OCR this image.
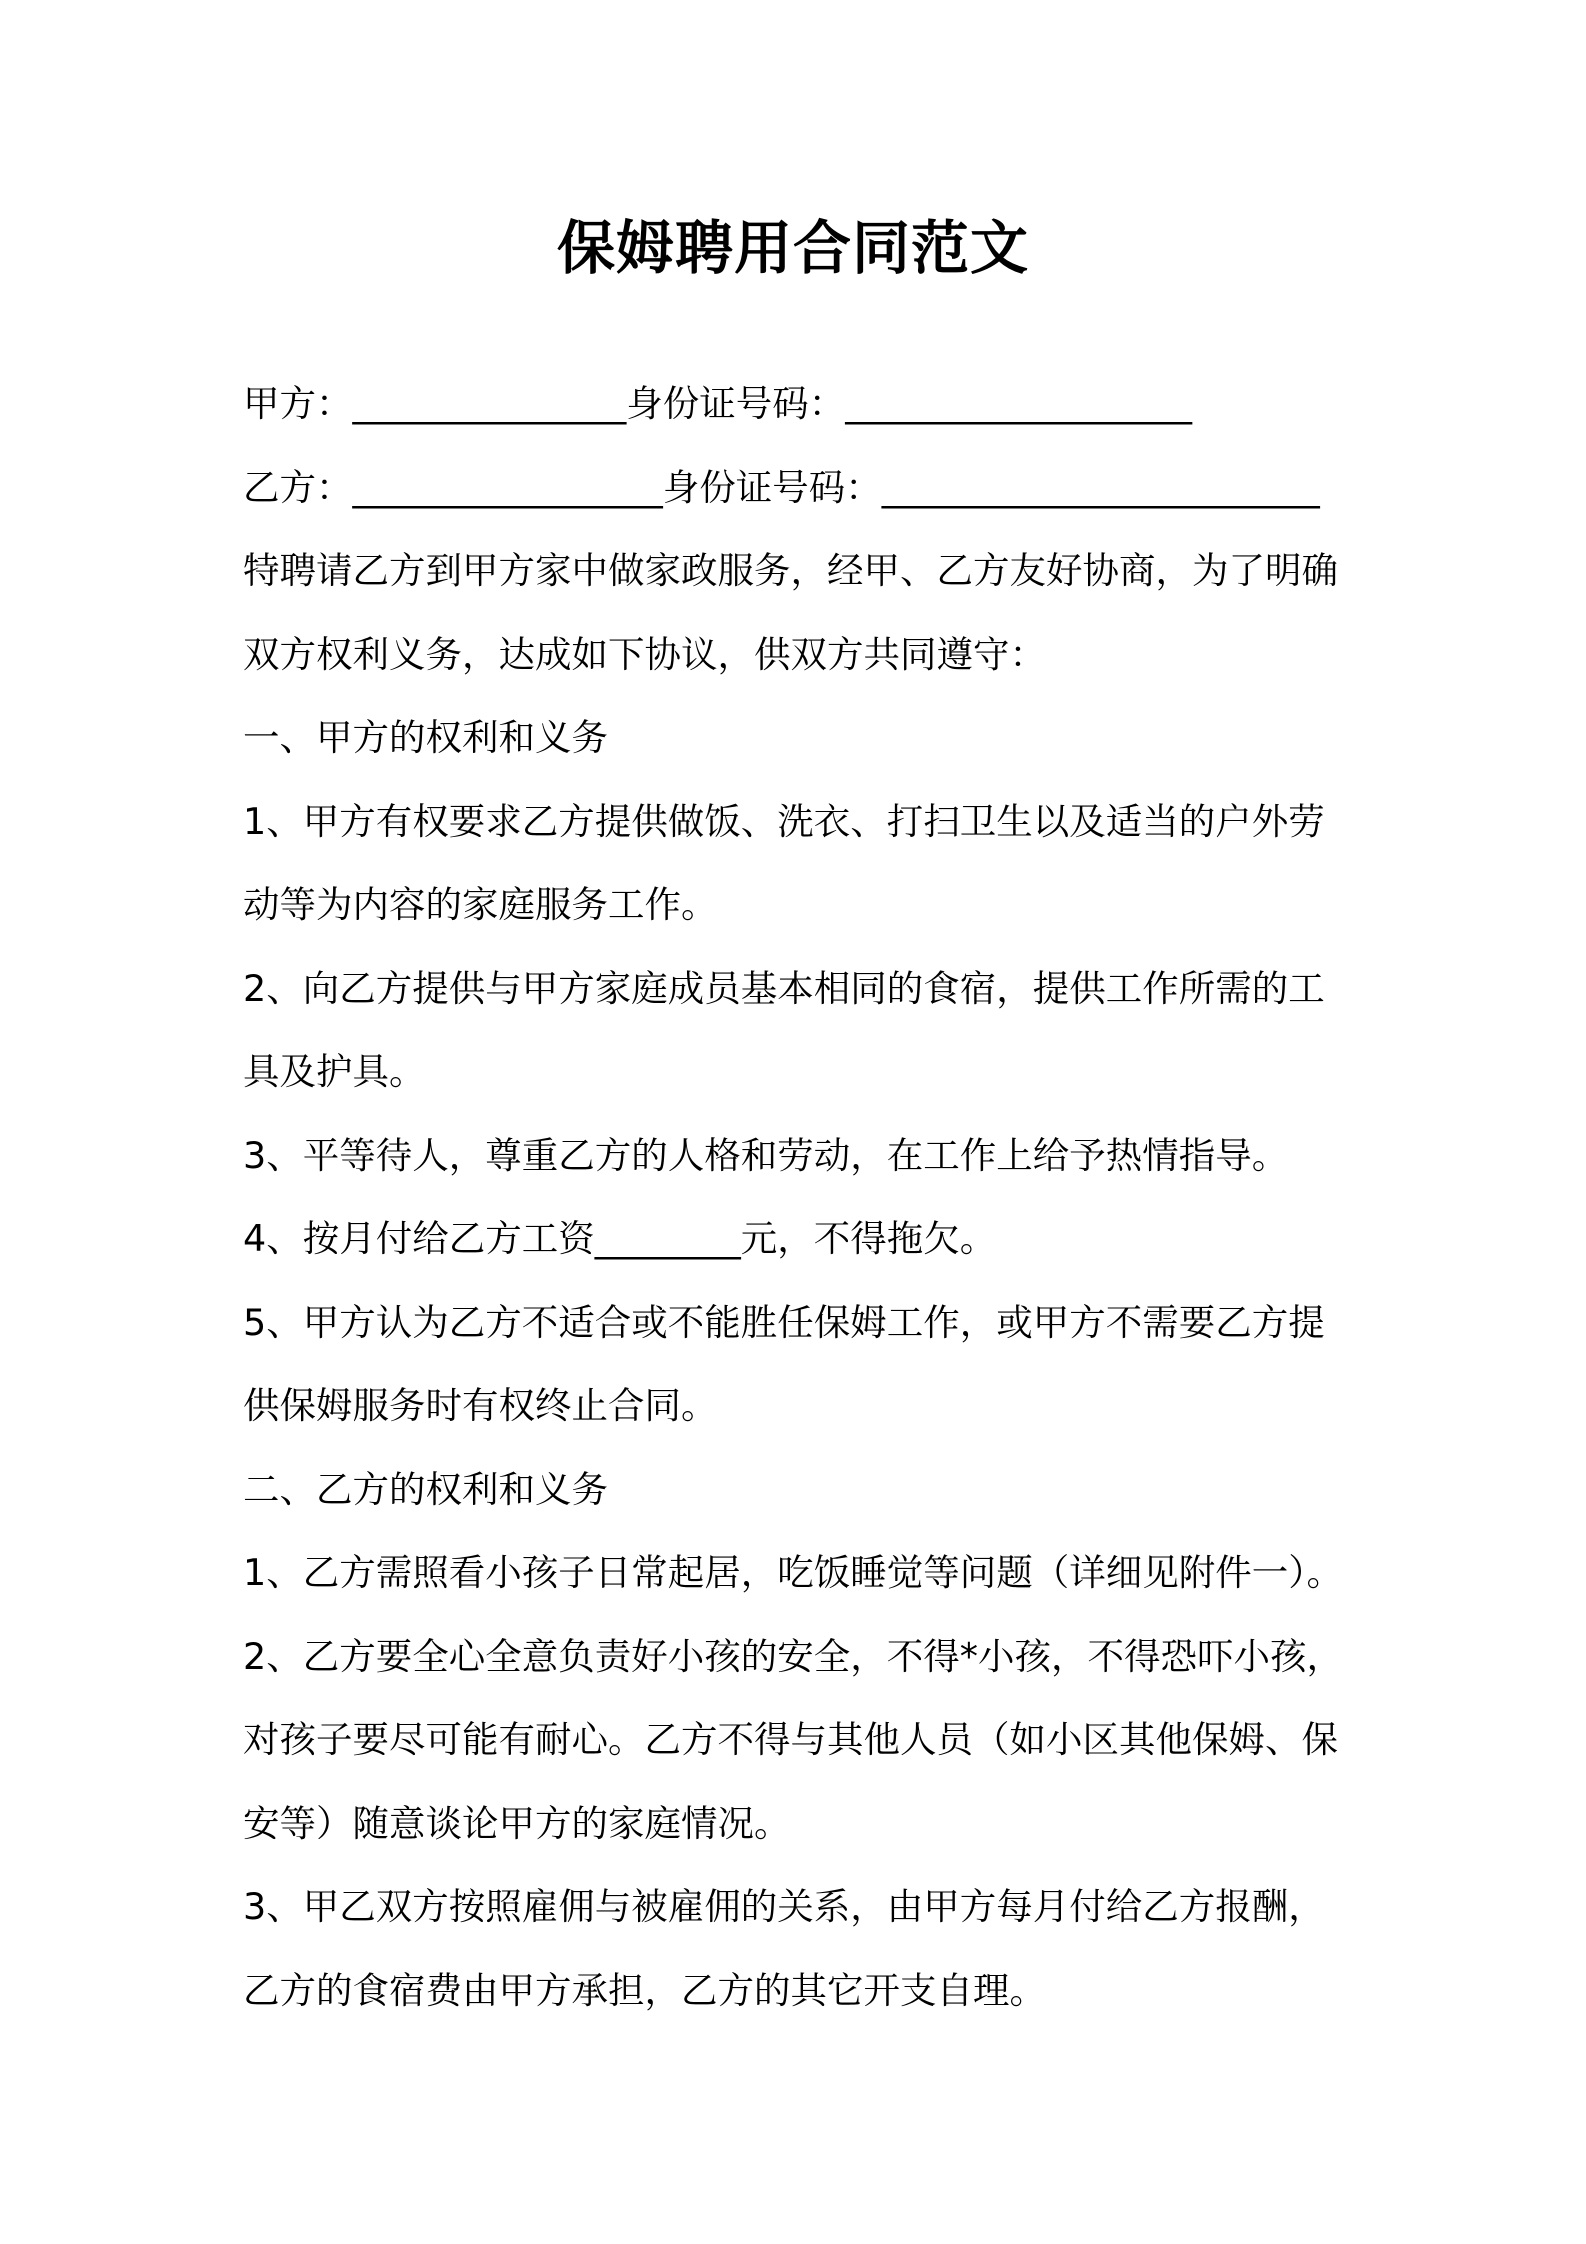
保姆聘用合同范文
甲方：_______________身份证号码：___________________
乙方：_________________身份证号码：________________________
特聘请乙方到甲方家中做家政服务，经甲、乙方友好协商，为了明确
双方权利义务，达成如下协议，供双方共同遵守：
一、甲方的权利和义务
1、甲方有权要求乙方提供做饭、洗衣、打扫卫生以及适当的户外劳
动等为内容的家庭服务工作。
2、向乙方提供与甲方家庭成员基本相同的食宿，提供工作所需的工
具及护具。
3、平等待人，尊重乙方的人格和劳动，在工作上给予热情指导。
4、按月付给乙方工资________元，不得拖欠。
5、甲方认为乙方不适合或不能胜任保姆工作，或甲方不需要乙方提
供保姆服务时有权终止合同。
二、乙方的权利和义务
1、乙方需照看小孩子日常起居，吃饭睡觉等问题（详细见附件一）。
2、乙方要全心全意负责好小孩的安全，不得*小孩，不得恐吓小孩，
对孩子要尽可能有耐心。乙方不得与其他人员（如小区其他保姆、保
安等）随意谈论甲方的家庭情况。
3、甲乙双方按照雇佣与被雇佣的关系，由甲方每月付给乙方报酬，
乙方的食宿费由甲方承担，乙方的其它开支自理。
